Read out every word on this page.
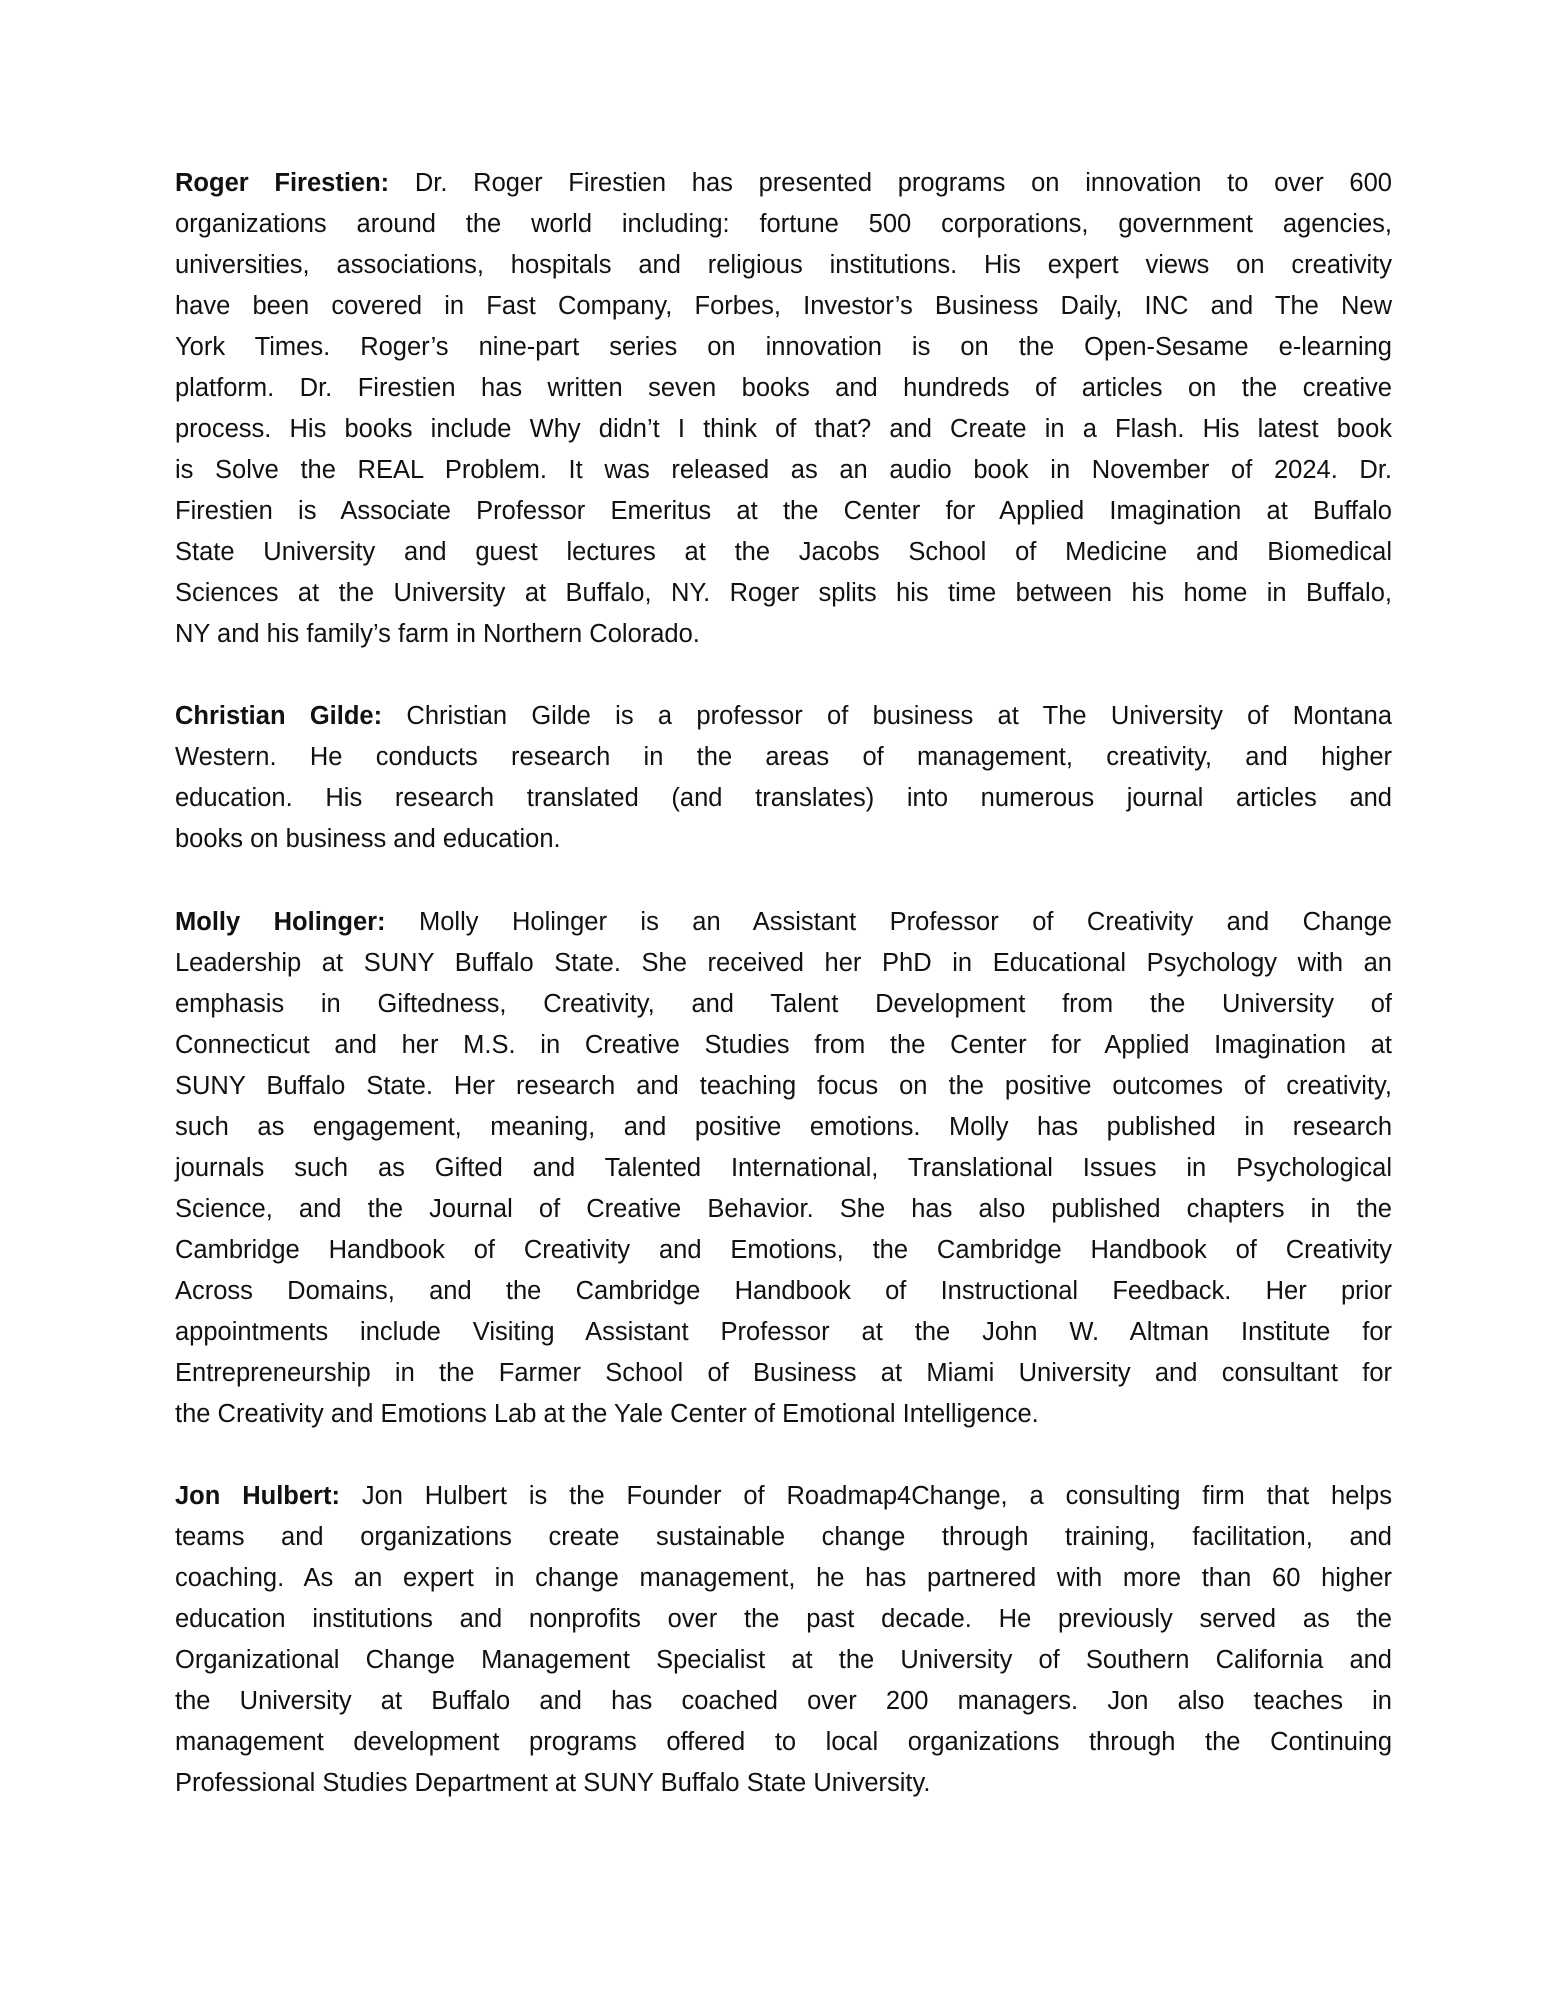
Roger Firestien: Dr. Roger Firestien has presented programs on innovation to over 600
organizations around the world including: fortune 500 corporations, government agencies,
universities, associations, hospitals and religious institutions. His expert views on creativity
have been covered in Fast Company, Forbes, Investor’s Business Daily, INC and The New
York Times. Roger’s nine-part series on innovation is on the Open-Sesame e-learning
platform. Dr. Firestien has written seven books and hundreds of articles on the creative
process. His books include Why didn’t I think of that? and Create in a Flash. His latest book
is Solve the REAL Problem. It was released as an audio book in November of 2024. Dr.
Firestien is Associate Professor Emeritus at the Center for Applied Imagination at Buffalo
State University and guest lectures at the Jacobs School of Medicine and Biomedical
Sciences at the University at Buffalo, NY. Roger splits his time between his home in Buffalo,
NY and his family’s farm in Northern Colorado.
Christian Gilde: Christian Gilde is a professor of business at The University of Montana
Western. He conducts research in the areas of management, creativity, and higher
education. His research translated (and translates) into numerous journal articles and
books on business and education.
Molly Holinger: Molly Holinger is an Assistant Professor of Creativity and Change
Leadership at SUNY Buffalo State. She received her PhD in Educational Psychology with an
emphasis in Giftedness, Creativity, and Talent Development from the University of
Connecticut and her M.S. in Creative Studies from the Center for Applied Imagination at
SUNY Buffalo State. Her research and teaching focus on the positive outcomes of creativity,
such as engagement, meaning, and positive emotions. Molly has published in research
journals such as Gifted and Talented International, Translational Issues in Psychological
Science, and the Journal of Creative Behavior. She has also published chapters in the
Cambridge Handbook of Creativity and Emotions, the Cambridge Handbook of Creativity
Across Domains, and the Cambridge Handbook of Instructional Feedback. Her prior
appointments include Visiting Assistant Professor at the John W. Altman Institute for
Entrepreneurship in the Farmer School of Business at Miami University and consultant for
the Creativity and Emotions Lab at the Yale Center of Emotional Intelligence.
Jon Hulbert: Jon Hulbert is the Founder of Roadmap4Change, a consulting firm that helps
teams and organizations create sustainable change through training, facilitation, and
coaching. As an expert in change management, he has partnered with more than 60 higher
education institutions and nonprofits over the past decade. He previously served as the
Organizational Change Management Specialist at the University of Southern California and
the University at Buffalo and has coached over 200 managers. Jon also teaches in
management development programs offered to local organizations through the Continuing
Professional Studies Department at SUNY Buffalo State University.
